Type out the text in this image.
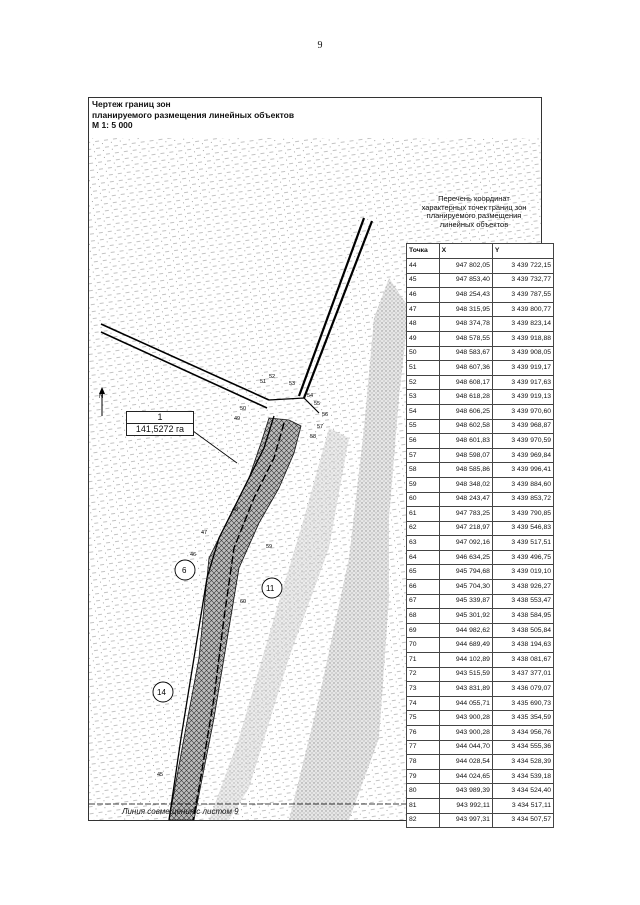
9
Чертеж границ зон
планируемого размещения линейных объектов
М 1: 5 000
N
51
52
53
50
49
54
55
56
57
58
48
47
46
59
60
45
6
11
14
1
141,5272 га
Перечень координат
характерных точек границ зон
планируемого размещения
линейных объектов
Точка	X	Y
44	947 802,05	3 439 722,15
45	947 853,40	3 439 732,77
46	948 254,43	3 439 787,55
47	948 315,95	3 439 800,77
48	948 374,78	3 439 823,14
49	948 578,55	3 439 918,88
50	948 583,67	3 439 908,05
51	948 607,36	3 439 919,17
52	948 608,17	3 439 917,63
53	948 618,28	3 439 919,13
54	948 606,25	3 439 970,60
55	948 602,58	3 439 968,87
56	948 601,83	3 439 970,59
57	948 598,07	3 439 969,84
58	948 585,86	3 439 996,41
59	948 348,02	3 439 884,60
60	948 243,47	3 439 853,72
61	947 783,25	3 439 790,85
62	947 218,97	3 439 546,83
63	947 092,16	3 439 517,51
64	946 634,25	3 439 496,75
65	945 794,68	3 439 019,10
66	945 704,30	3 438 926,27
67	945 339,87	3 438 553,47
68	945 301,92	3 438 584,95
69	944 982,62	3 438 505,84
70	944 689,49	3 438 194,63
71	944 102,89	3 438 081,67
72	943 515,59	3 437 377,01
73	943 831,89	3 436 079,07
74	944 055,71	3 435 690,73
75	943 900,28	3 435 354,59
76	943 900,28	3 434 956,76
77	944 044,70	3 434 555,36
78	944 028,54	3 434 528,39
79	944 024,65	3 434 539,18
80	943 989,39	3 434 524,40
81	943 992,11	3 434 517,11
82	943 997,31	3 434 507,57
Линия совмещения с листом 9
